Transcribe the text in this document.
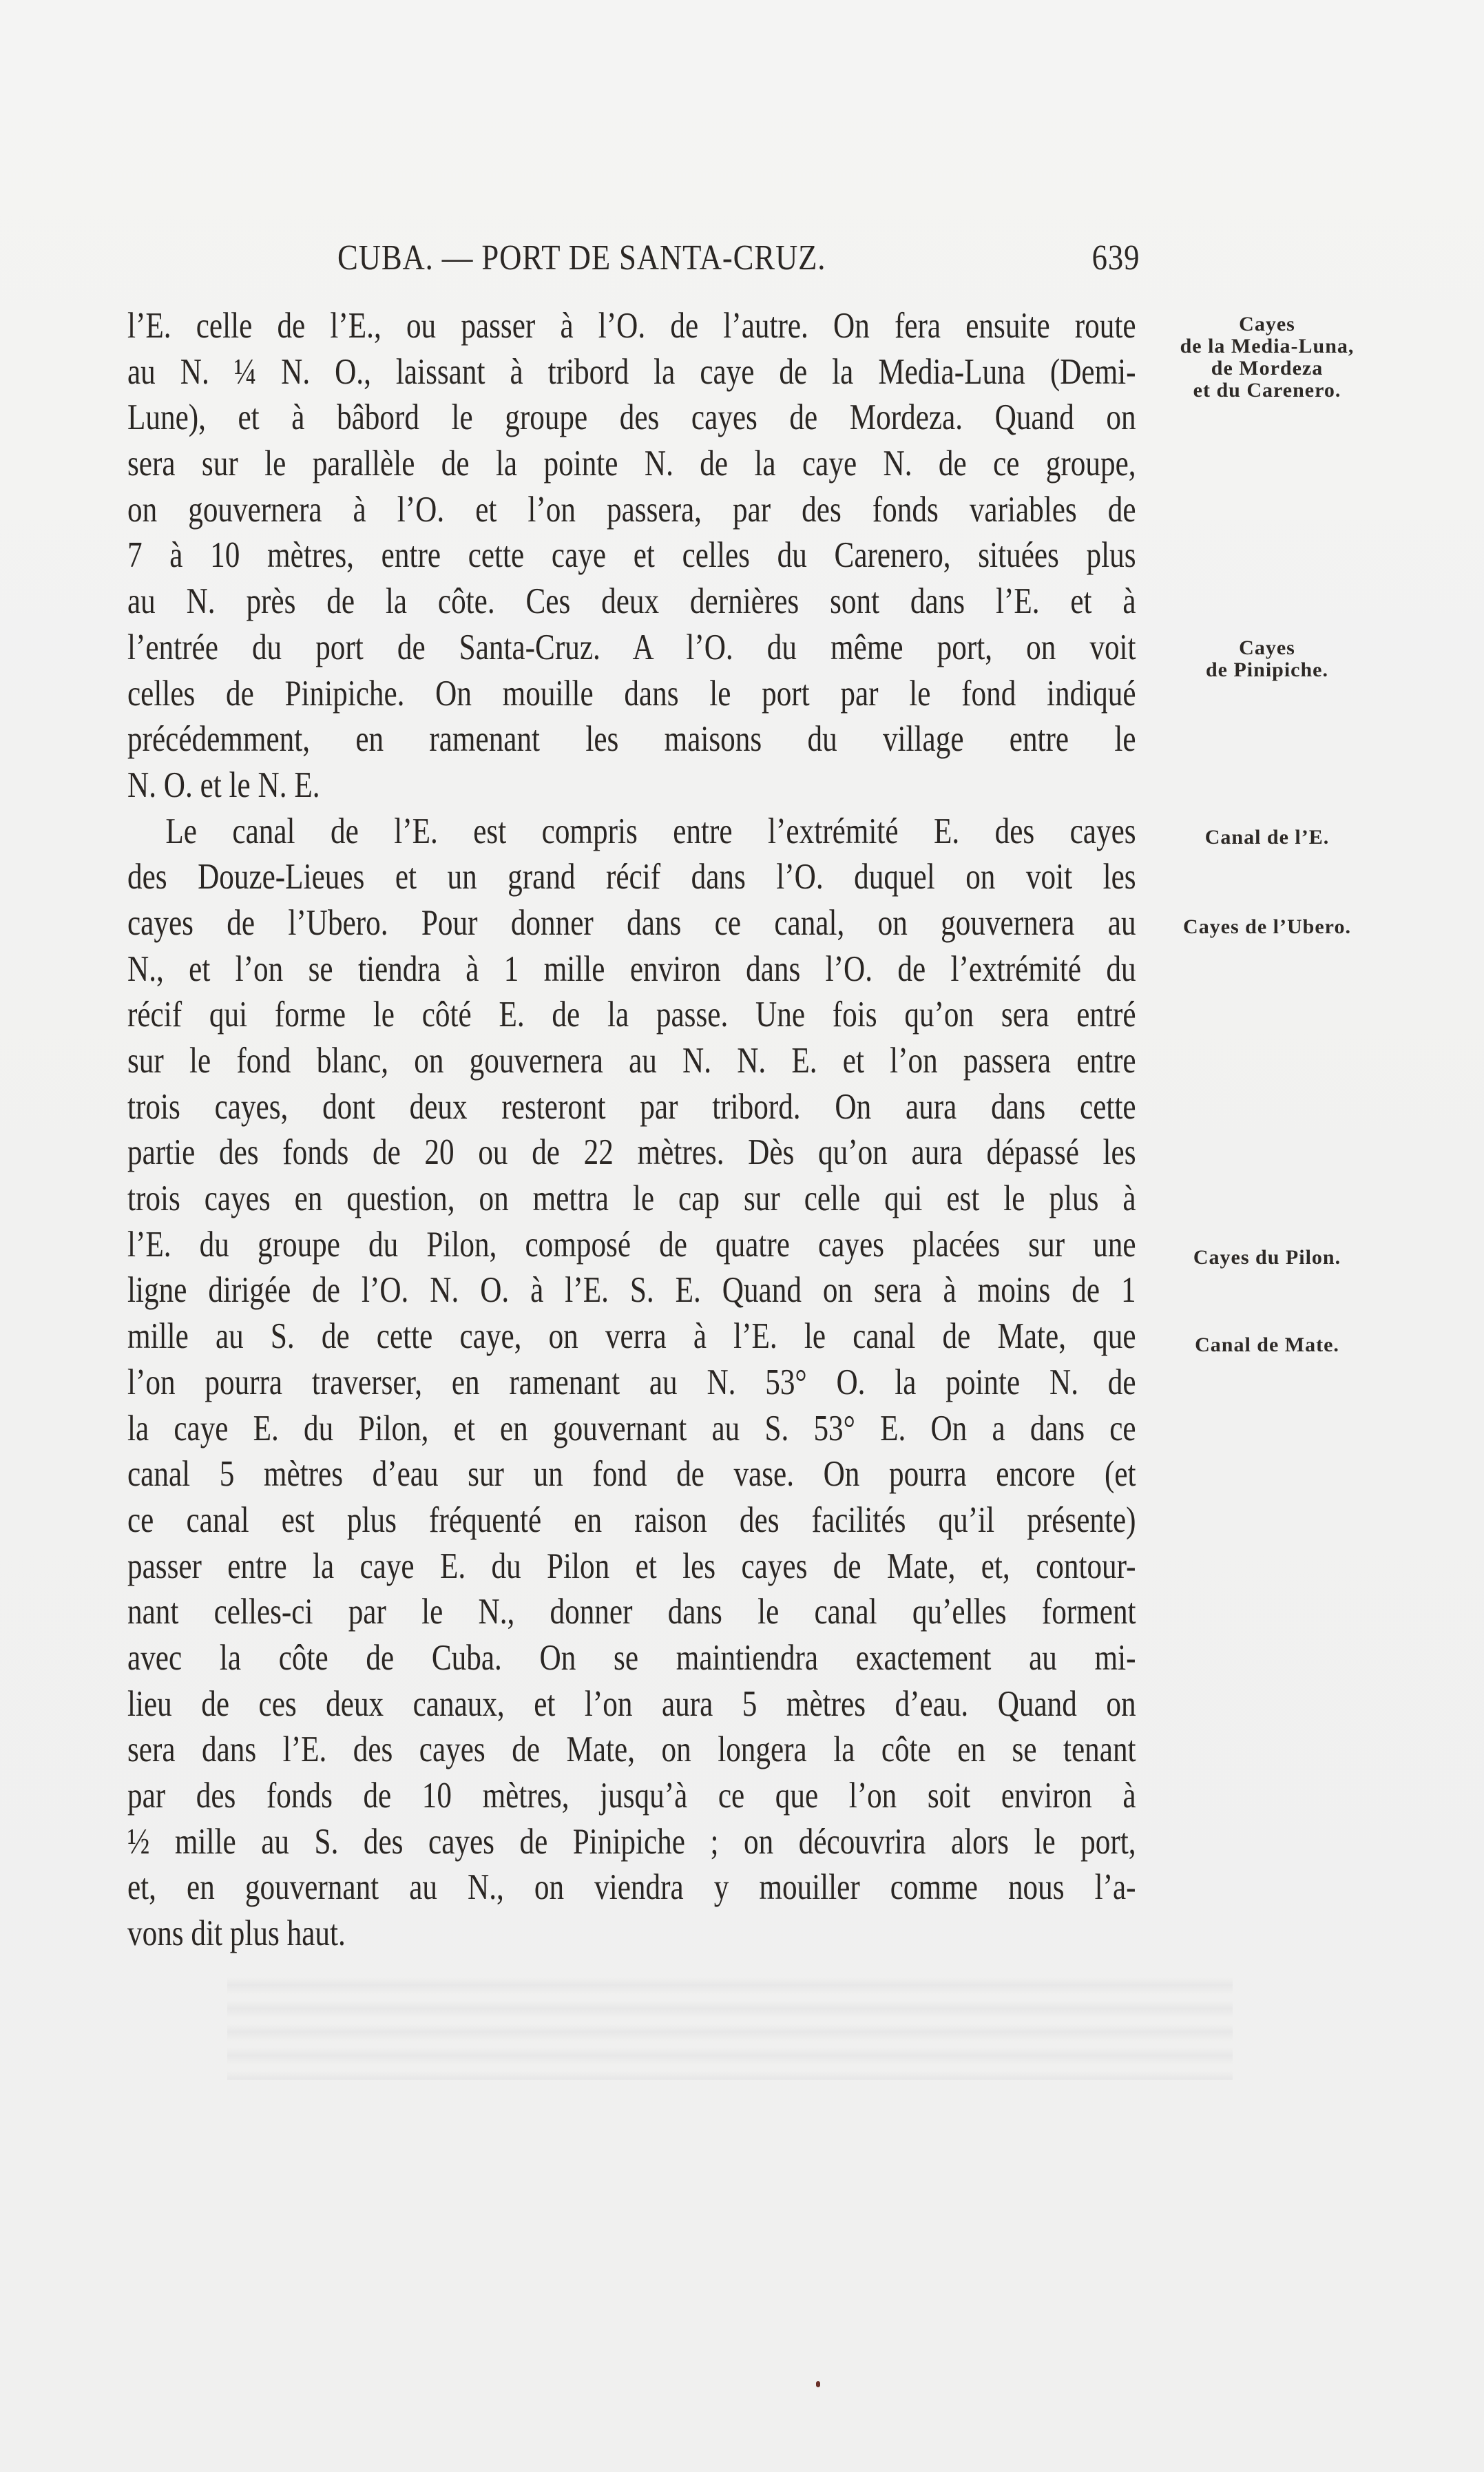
CUBA. — PORT DE SANTA-CRUZ.	639
l’E. celle de l’E., ou passer à l’O. de l’autre. On fera ensuite route
au N. ¼ N. O., laissant à tribord la caye de la Media-Luna (Demi-
Lune), et à bâbord le groupe des cayes de Mordeza. Quand on
sera sur le parallèle de la pointe N. de la caye N. de ce groupe,
on gouvernera à l’O. et l’on passera, par des fonds variables de
7 à 10 mètres, entre cette caye et celles du Carenero, situées plus
au N. près de la côte. Ces deux dernières sont dans l’E. et à
l’entrée du port de Santa-Cruz. A l’O. du même port, on voit
celles de Pinipiche. On mouille dans le port par le fond indiqué
précédemment, en ramenant les maisons du village entre le
N. O. et le N. E.
Le canal de l’E. est compris entre l’extrémité E. des cayes
des Douze-Lieues et un grand récif dans l’O. duquel on voit les
cayes de l’Ubero. Pour donner dans ce canal, on gouvernera au
N., et l’on se tiendra à 1 mille environ dans l’O. de l’extrémité du
récif qui forme le côté E. de la passe. Une fois qu’on sera entré
sur le fond blanc, on gouvernera au N. N. E. et l’on passera entre
trois cayes, dont deux resteront par tribord. On aura dans cette
partie des fonds de 20 ou de 22 mètres. Dès qu’on aura dépassé les
trois cayes en question, on mettra le cap sur celle qui est le plus à
l’E. du groupe du Pilon, composé de quatre cayes placées sur une
ligne dirigée de l’O. N. O. à l’E. S. E. Quand on sera à moins de 1
mille au S. de cette caye, on verra à l’E. le canal de Mate, que
l’on pourra traverser, en ramenant au N. 53° O. la pointe N. de
la caye E. du Pilon, et en gouvernant au S. 53° E. On a dans ce
canal 5 mètres d’eau sur un fond de vase. On pourra encore (et
ce canal est plus fréquenté en raison des facilités qu’il présente)
passer entre la caye E. du Pilon et les cayes de Mate, et, contour-
nant celles-ci par le N., donner dans le canal qu’elles forment
avec la côte de Cuba. On se maintiendra exactement au mi-
lieu de ces deux canaux, et l’on aura 5 mètres d’eau. Quand on
sera dans l’E. des cayes de Mate, on longera la côte en se tenant
par des fonds de 10 mètres, jusqu’à ce que l’on soit environ à
½ mille au S. des cayes de Pinipiche ; on découvrira alors le port,
et, en gouvernant au N., on viendra y mouiller comme nous l’a-
vons dit plus haut.
Cayes
de la Media-Luna,
de Mordeza
et du Carenero.
Cayes
de Pinipiche.
Canal de l’E.
Cayes de l’Ubero.
Cayes du Pilon.
Canal de Mate.
